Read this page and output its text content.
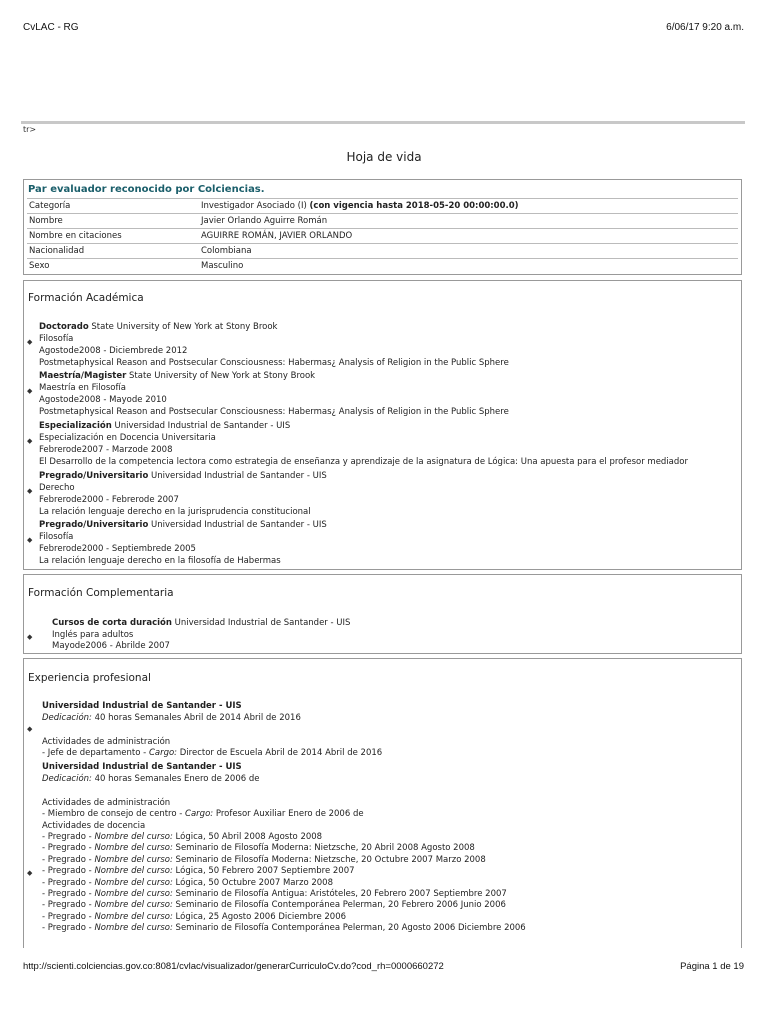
CvLAC - RG	6/06/17 9:20 a.m.
tr>
Hoja de vida
Par evaluador reconocido por Colciencias.
Categoría	Investigador Asociado (I) (con vigencia hasta 2018-05-20 00:00:00.0)
Nombre	Javier Orlando Aguirre Román
Nombre en citaciones	AGUIRRE ROMÁN, JAVIER ORLANDO
Nacionalidad	Colombiana
Sexo	Masculino
Formación Académica
Doctorado State University of New York at Stony Brook
◆ Filosofía
Agostode2008 - Diciembrede 2012
Postmetaphysical Reason and Postsecular Consciousness: Habermas¿ Analysis of Religion in the Public Sphere
Maestría/Magister State University of New York at Stony Brook
◆ Maestría en Filosofía
Agostode2008 - Mayode 2010
Postmetaphysical Reason and Postsecular Consciousness: Habermas¿ Analysis of Religion in the Public Sphere
Especialización Universidad Industrial de Santander - UIS
◆ Especialización en Docencia Universitaria
Febrerode2007 - Marzode 2008
El Desarrollo de la competencia lectora como estrategia de enseñanza y aprendizaje de la asignatura de Lógica: Una apuesta para el profesor mediador
Pregrado/Universitario Universidad Industrial de Santander - UIS
◆ Derecho
Febrerode2000 - Febrerode 2007
La relación lenguaje derecho en la jurisprudencia constitucional
Pregrado/Universitario Universidad Industrial de Santander - UIS
◆ Filosofía
Febrerode2000 - Septiembrede 2005
La relación lenguaje derecho en la filosofía de Habermas
Formación Complementaria
Cursos de corta duración Universidad Industrial de Santander - UIS
◆ Inglés para adultos
Mayode2006 - Abrilde 2007
Experiencia profesional
Universidad Industrial de Santander - UIS
Dedicación: 40 horas Semanales Abril de 2014 Abril de 2016
◆
Actividades de administración
- Jefe de departamento - Cargo: Director de Escuela Abril de 2014 Abril de 2016
Universidad Industrial de Santander - UIS
Dedicación: 40 horas Semanales Enero de 2006 de
Actividades de administración
- Miembro de consejo de centro - Cargo: Profesor Auxiliar Enero de 2006 de
Actividades de docencia
- Pregrado - Nombre del curso: Lógica, 50 Abril 2008 Agosto 2008
- Pregrado - Nombre del curso: Seminario de Filosofía Moderna: Nietzsche, 20 Abril 2008 Agosto 2008
- Pregrado - Nombre del curso: Seminario de Filosofía Moderna: Nietzsche, 20 Octubre 2007 Marzo 2008
- Pregrado - Nombre del curso: Lógica, 50 Febrero 2007 Septiembre 2007
- Pregrado - Nombre del curso: Lógica, 50 Octubre 2007 Marzo 2008
- Pregrado - Nombre del curso: Seminario de Filosofía Antigua: Aristóteles, 20 Febrero 2007 Septiembre 2007
- Pregrado - Nombre del curso: Seminario de Filosofía Contemporánea Pelerman, 20 Febrero 2006 Junio 2006
- Pregrado - Nombre del curso: Lógica, 25 Agosto 2006 Diciembre 2006
- Pregrado - Nombre del curso: Seminario de Filosofía Contemporánea Pelerman, 20 Agosto 2006 Diciembre 2006
◆
http://scienti.colciencias.gov.co:8081/cvlac/visualizador/generarCurriculoCv.do?cod_rh=0000660272	Página 1 de 19
